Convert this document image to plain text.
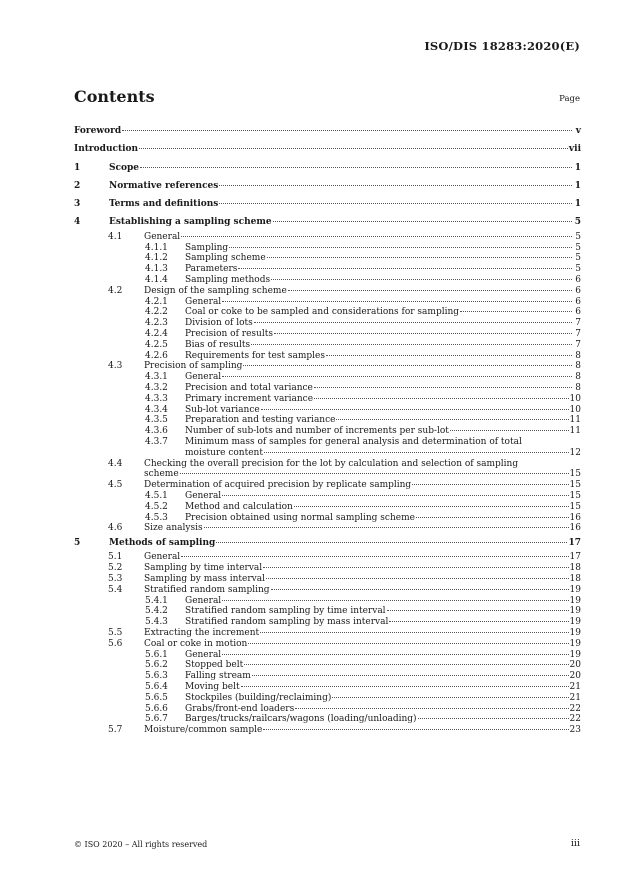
ISO/DIS 18283:2020(E)
Contents	Page
Foreword	v
Introduction	vii
1	Scope	1
2	Normative references	1
3	Terms and definitions	1
4	Establishing a sampling scheme	5
4.1 General	5
4.1.1 Sampling	5
4.1.2 Sampling scheme	5
4.1.3 Parameters	5
4.1.4 Sampling methods	6
4.2 Design of the sampling scheme	6
4.2.1 General	6
4.2.2 Coal or coke to be sampled and considerations for sampling	6
4.2.3 Division of lots	7
4.2.4 Precision of results	7
4.2.5 Bias of results	7
4.2.6 Requirements for test samples	8
4.3 Precision of sampling	8
4.3.1 General	8
4.3.2 Precision and total variance	8
4.3.3 Primary increment variance	10
4.3.4 Sub-lot variance	10
4.3.5 Preparation and testing variance	11
4.3.6 Number of sub-lots and number of increments per sub-lot	11
4.3.7 Minimum mass of samples for general analysis and determination of total
moisture content	12
4.4 Checking the overall precision for the lot by calculation and selection of sampling
scheme	15
4.5 Determination of acquired precision by replicate sampling	15
4.5.1 General	15
4.5.2 Method and calculation	15
4.5.3 Precision obtained using normal sampling scheme	16
4.6 Size analysis	16
5	Methods of sampling	17
5.1 General	17
5.2 Sampling by time interval	18
5.3 Sampling by mass interval	18
5.4 Stratified random sampling	19
5.4.1 General	19
5.4.2 Stratified random sampling by time interval	19
5.4.3 Stratified random sampling by mass interval	19
5.5 Extracting the increment	19
5.6 Coal or coke in motion	19
5.6.1 General	19
5.6.2 Stopped belt	20
5.6.3 Falling stream	20
5.6.4 Moving belt	21
5.6.5 Stockpiles (building/reclaiming)	21
5.6.6 Grabs/front-end loaders	22
5.6.7 Barges/trucks/railcars/wagons (loading/unloading)	22
5.7 Moisture/common sample	23
© ISO 2020 – All rights reserved	iii
